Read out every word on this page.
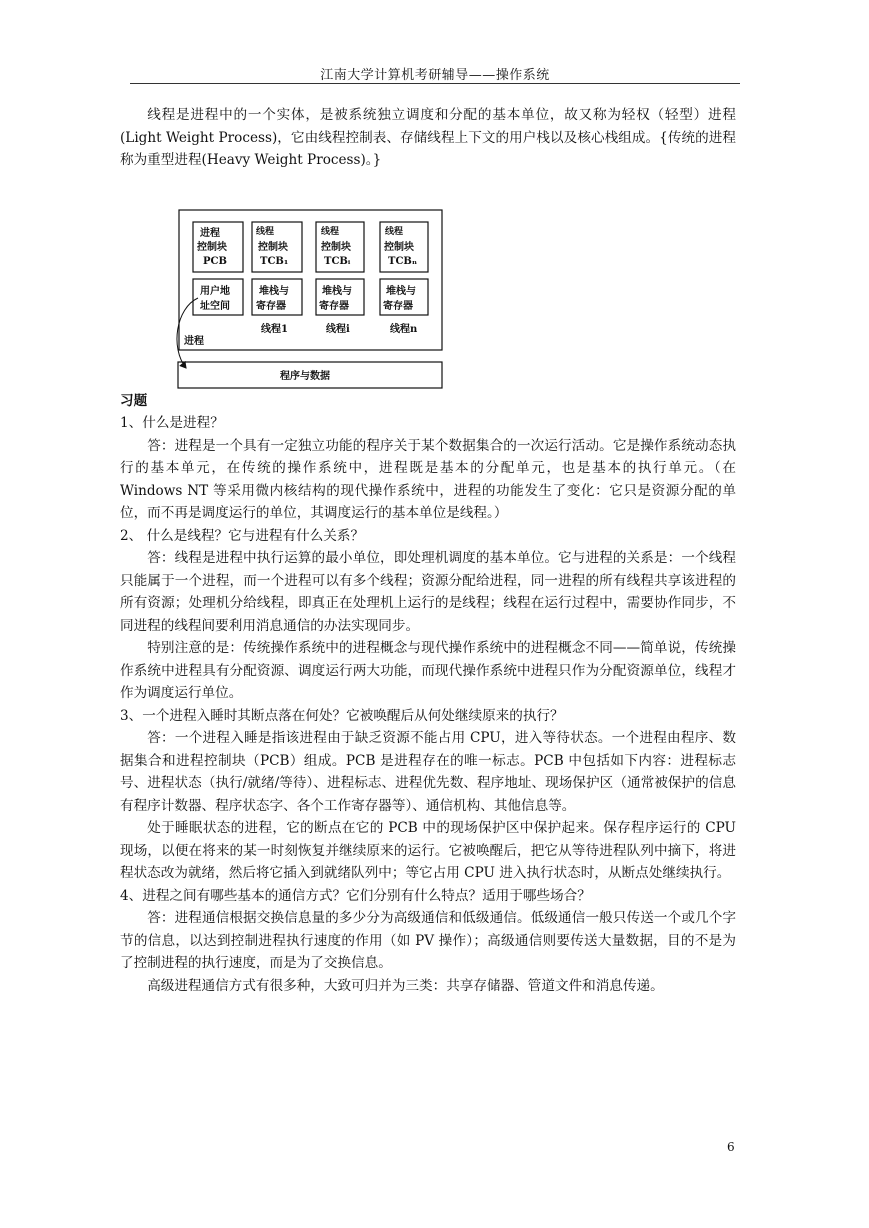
江南大学计算机考研辅导——操作系统

线程是进程中的一个实体，是被系统独立调度和分配的基本单位，故又称为轻权（轻型）进程(Light Weight Process)，它由线程控制表、存储线程上下文的用户栈以及核心栈组成。{传统的进程称为重型进程(Heavy Weight Process)。}

进程
控制块
PCB
用户地
址空间
线程
控制块
TCB₁
堆栈与
寄存器
线程1
线程
控制块
TCBᵢ
堆栈与
寄存器
线程i
线程
控制块
TCBₙ
堆栈与
寄存器
线程n
进程
程序与数据

习题

1、什么是进程？

答：进程是一个具有一定独立功能的程序关于某个数据集合的一次运行活动。它是操作系统动态执行的基本单元，在传统的操作系统中，进程既是基本的分配单元，也是基本的执行单元。（在 Windows NT 等采用微内核结构的现代操作系统中，进程的功能发生了变化：它只是资源分配的单位，而不再是调度运行的单位，其调度运行的基本单位是线程。）

2、 什么是线程？它与进程有什么关系？

答：线程是进程中执行运算的最小单位，即处理机调度的基本单位。它与进程的关系是：一个线程只能属于一个进程，而一个进程可以有多个线程；资源分配给进程，同一进程的所有线程共享该进程的所有资源；处理机分给线程，即真正在处理机上运行的是线程；线程在运行过程中，需要协作同步，不同进程的线程间要利用消息通信的办法实现同步。

特别注意的是：传统操作系统中的进程概念与现代操作系统中的进程概念不同——简单说，传统操作系统中进程具有分配资源、调度运行两大功能，而现代操作系统中进程只作为分配资源单位，线程才作为调度运行单位。

3、一个进程入睡时其断点落在何处？它被唤醒后从何处继续原来的执行？

答：一个进程入睡是指该进程由于缺乏资源不能占用 CPU，进入等待状态。一个进程由程序、数据集合和进程控制块（PCB）组成。PCB 是进程存在的唯一标志。PCB 中包括如下内容：进程标志号、进程状态（执行/就绪/等待）、进程标志、进程优先数、程序地址、现场保护区（通常被保护的信息有程序计数器、程序状态字、各个工作寄存器等）、通信机构、其他信息等。

处于睡眠状态的进程，它的断点在它的 PCB 中的现场保护区中保护起来。保存程序运行的 CPU 现场，以便在将来的某一时刻恢复并继续原来的运行。它被唤醒后，把它从等待进程队列中摘下，将进程状态改为就绪，然后将它插入到就绪队列中；等它占用 CPU 进入执行状态时，从断点处继续执行。

4、进程之间有哪些基本的通信方式？它们分别有什么特点？适用于哪些场合？

答：进程通信根据交换信息量的多少分为高级通信和低级通信。低级通信一般只传送一个或几个字节的信息，以达到控制进程执行速度的作用（如 PV 操作）；高级通信则要传送大量数据，目的不是为了控制进程的执行速度，而是为了交换信息。

高级进程通信方式有很多种，大致可归并为三类：共享存储器、管道文件和消息传递。

6
